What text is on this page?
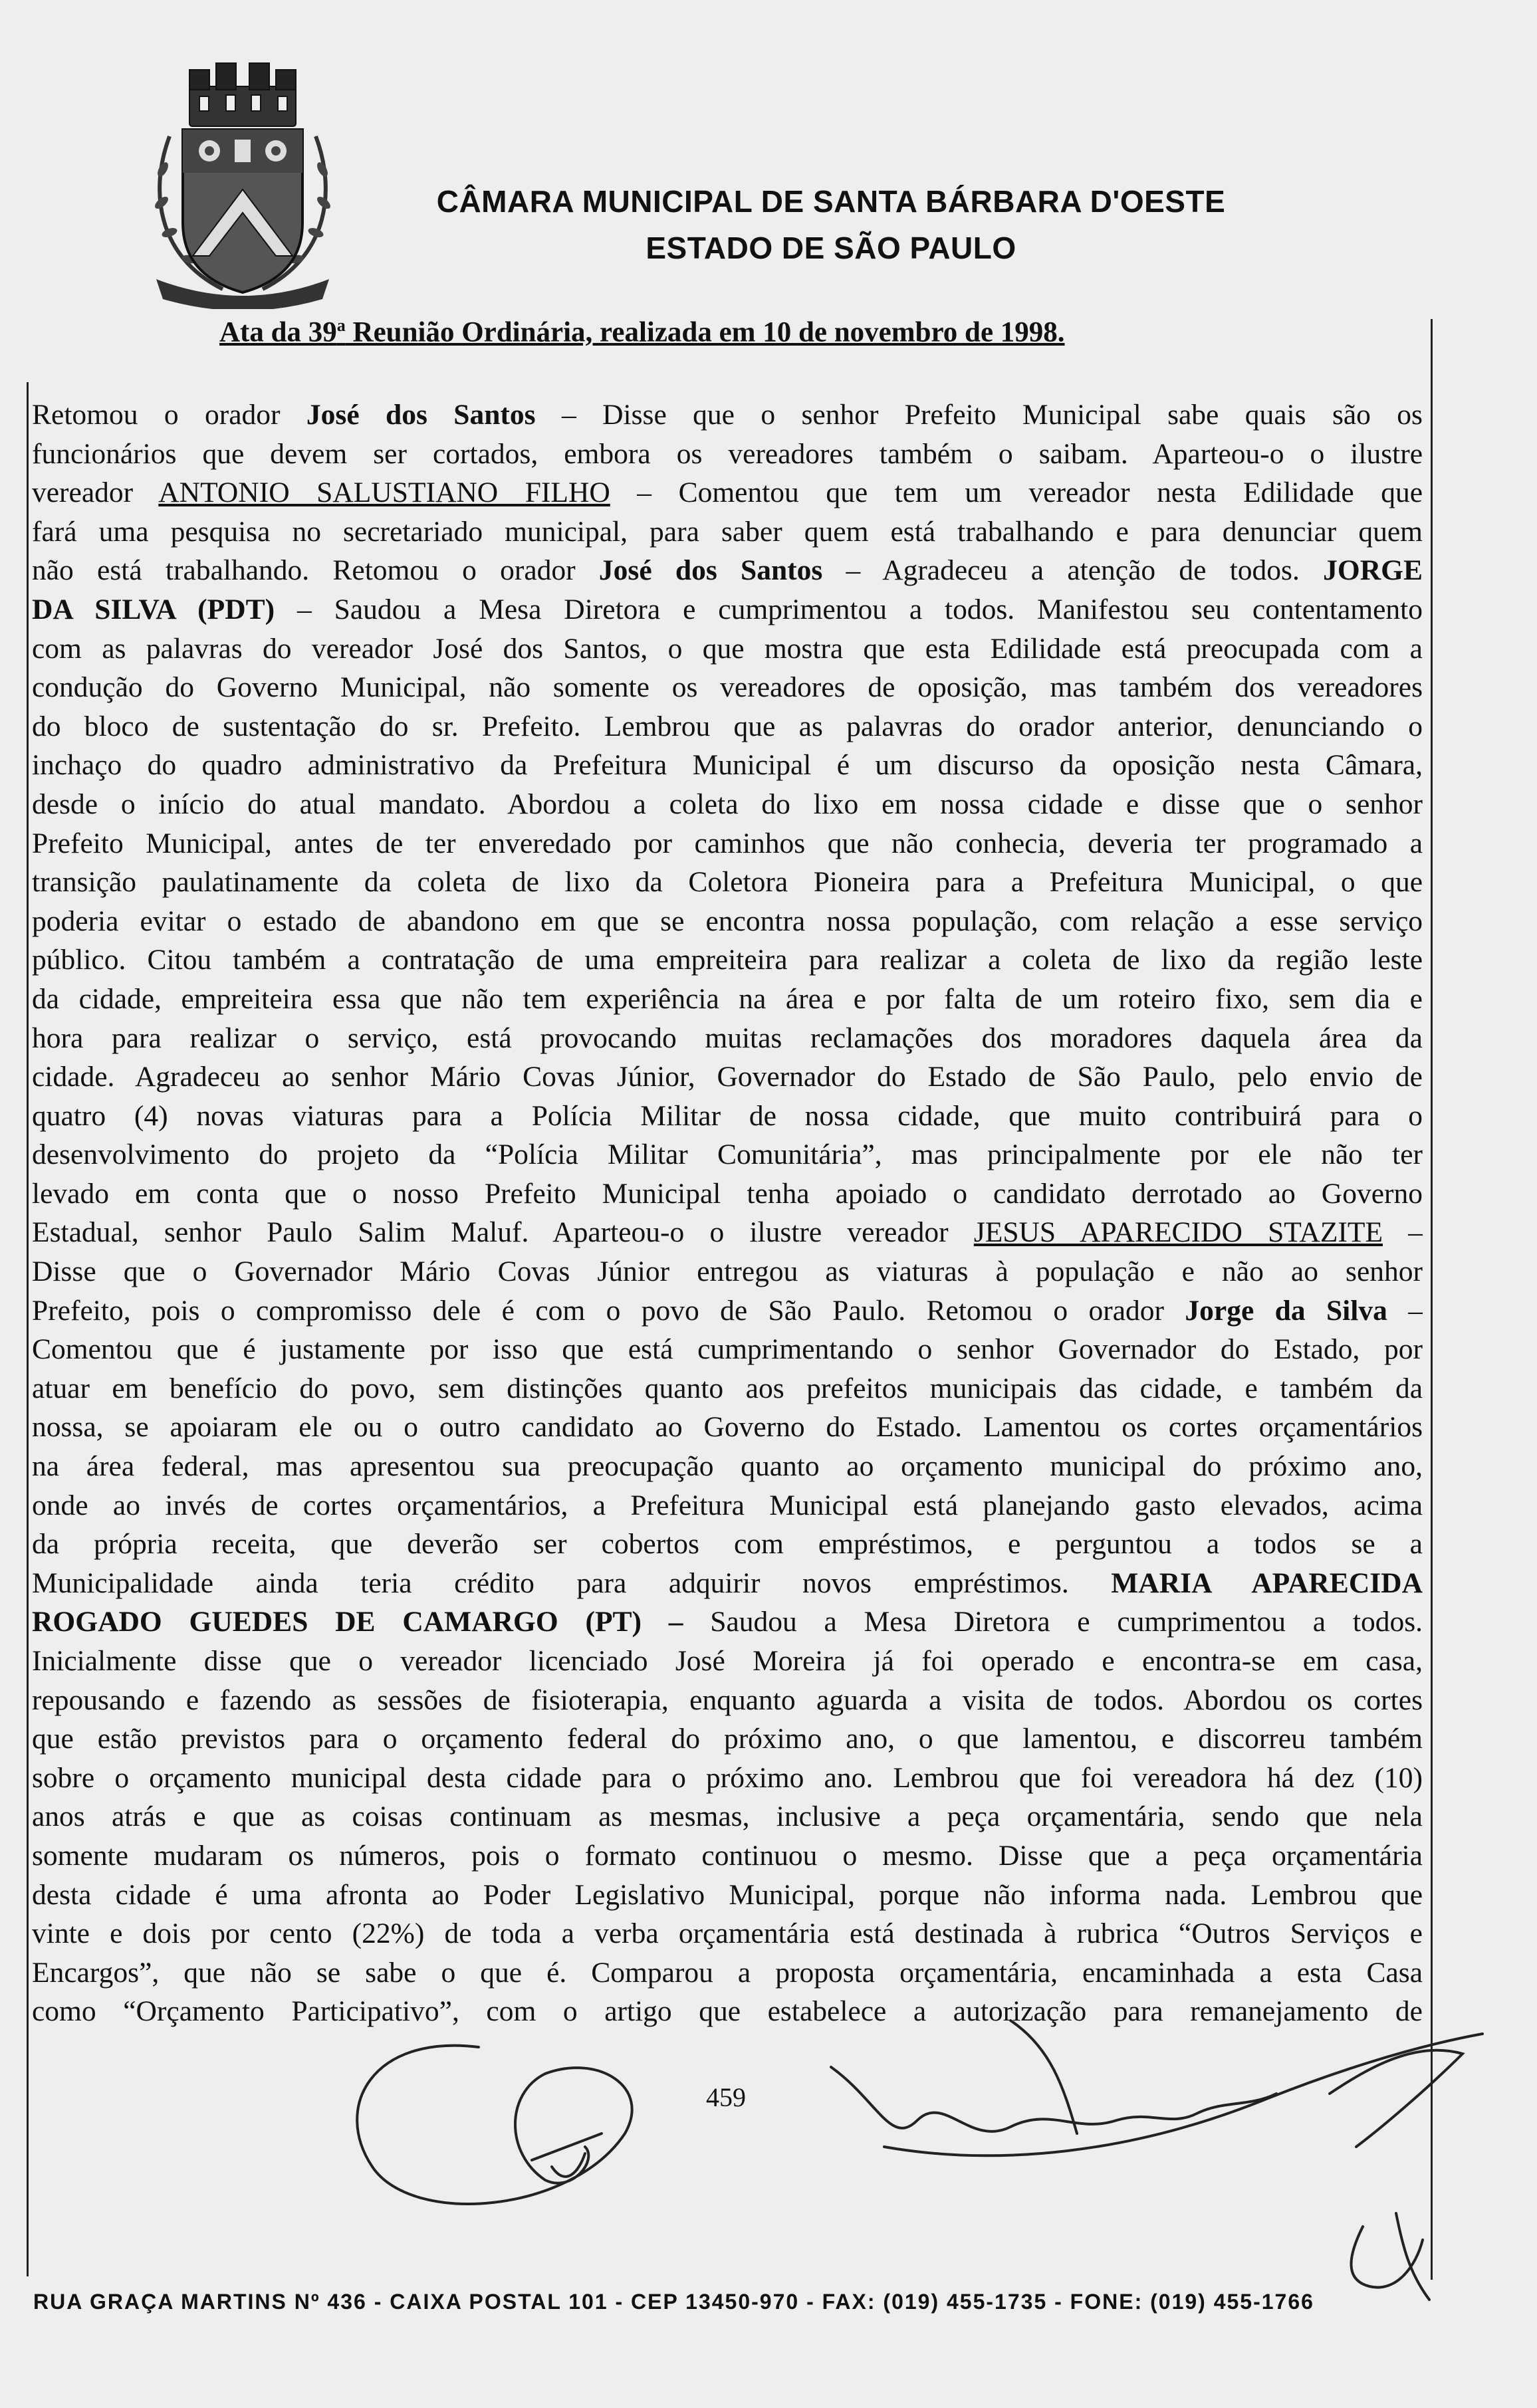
CÂMARA MUNICIPAL DE SANTA BÁRBARA D'OESTE
ESTADO DE SÃO PAULO
Ata da 39$^a$ Reunião Ordinária, realizada em 10 de novembro de 1998.
Retomou o orador José dos Santos – Disse que o senhor Prefeito Municipal sabe quais são os
funcionários que devem ser cortados, embora os vereadores também o saibam. Aparteou-o o ilustre
vereador ANTONIO SALUSTIANO FILHO – Comentou que tem um vereador nesta Edilidade que
fará uma pesquisa no secretariado municipal, para saber quem está trabalhando e para denunciar quem
não está trabalhando. Retomou o orador José dos Santos – Agradeceu a atenção de todos. JORGE
DA SILVA (PDT) – Saudou a Mesa Diretora e cumprimentou a todos. Manifestou seu contentamento
com as palavras do vereador José dos Santos, o que mostra que esta Edilidade está preocupada com a
condução do Governo Municipal, não somente os vereadores de oposição, mas também dos vereadores
do bloco de sustentação do sr. Prefeito. Lembrou que as palavras do orador anterior, denunciando o
inchaço do quadro administrativo da Prefeitura Municipal é um discurso da oposição nesta Câmara,
desde o início do atual mandato. Abordou a coleta do lixo em nossa cidade e disse que o senhor
Prefeito Municipal, antes de ter enveredado por caminhos que não conhecia, deveria ter programado a
transição paulatinamente da coleta de lixo da Coletora Pioneira para a Prefeitura Municipal, o que
poderia evitar o estado de abandono em que se encontra nossa população, com relação a esse serviço
público. Citou também a contratação de uma empreiteira para realizar a coleta de lixo da região leste
da cidade, empreiteira essa que não tem experiência na área e por falta de um roteiro fixo, sem dia e
hora para realizar o serviço, está provocando muitas reclamações dos moradores daquela área da
cidade. Agradeceu ao senhor Mário Covas Júnior, Governador do Estado de São Paulo, pelo envio de
quatro (4) novas viaturas para a Polícia Militar de nossa cidade, que muito contribuirá para o
desenvolvimento do projeto da “Polícia Militar Comunitária”, mas principalmente por ele não ter
levado em conta que o nosso Prefeito Municipal tenha apoiado o candidato derrotado ao Governo
Estadual, senhor Paulo Salim Maluf. Aparteou-o o ilustre vereador JESUS APARECIDO STAZITE –
Disse que o Governador Mário Covas Júnior entregou as viaturas à população e não ao senhor
Prefeito, pois o compromisso dele é com o povo de São Paulo. Retomou o orador Jorge da Silva –
Comentou que é justamente por isso que está cumprimentando o senhor Governador do Estado, por
atuar em benefício do povo, sem distinções quanto aos prefeitos municipais das cidade, e também da
nossa, se apoiaram ele ou o outro candidato ao Governo do Estado. Lamentou os cortes orçamentários
na área federal, mas apresentou sua preocupação quanto ao orçamento municipal do próximo ano,
onde ao invés de cortes orçamentários, a Prefeitura Municipal está planejando gasto elevados, acima
da própria receita, que deverão ser cobertos com empréstimos, e perguntou a todos se a
Municipalidade ainda teria crédito para adquirir novos empréstimos. MARIA APARECIDA
ROGADO GUEDES DE CAMARGO (PT) – Saudou a Mesa Diretora e cumprimentou a todos.
Inicialmente disse que o vereador licenciado José Moreira já foi operado e encontra-se em casa,
repousando e fazendo as sessões de fisioterapia, enquanto aguarda a visita de todos. Abordou os cortes
que estão previstos para o orçamento federal do próximo ano, o que lamentou, e discorreu também
sobre o orçamento municipal desta cidade para o próximo ano. Lembrou que foi vereadora há dez (10)
anos atrás e que as coisas continuam as mesmas, inclusive a peça orçamentária, sendo que nela
somente mudaram os números, pois o formato continuou o mesmo. Disse que a peça orçamentária
desta cidade é uma afronta ao Poder Legislativo Municipal, porque não informa nada. Lembrou que
vinte e dois por cento (22%) de toda a verba orçamentária está destinada à rubrica “Outros Serviços e
Encargos”, que não se sabe o que é. Comparou a proposta orçamentária, encaminhada a esta Casa
como “Orçamento Participativo”, com o artigo que estabelece a autorização para remanejamento de
459
RUA GRAÇA MARTINS Nº 436 - CAIXA POSTAL 101 - CEP 13450-970 - FAX: (019) 455-1735 - FONE: (019) 455-1766
